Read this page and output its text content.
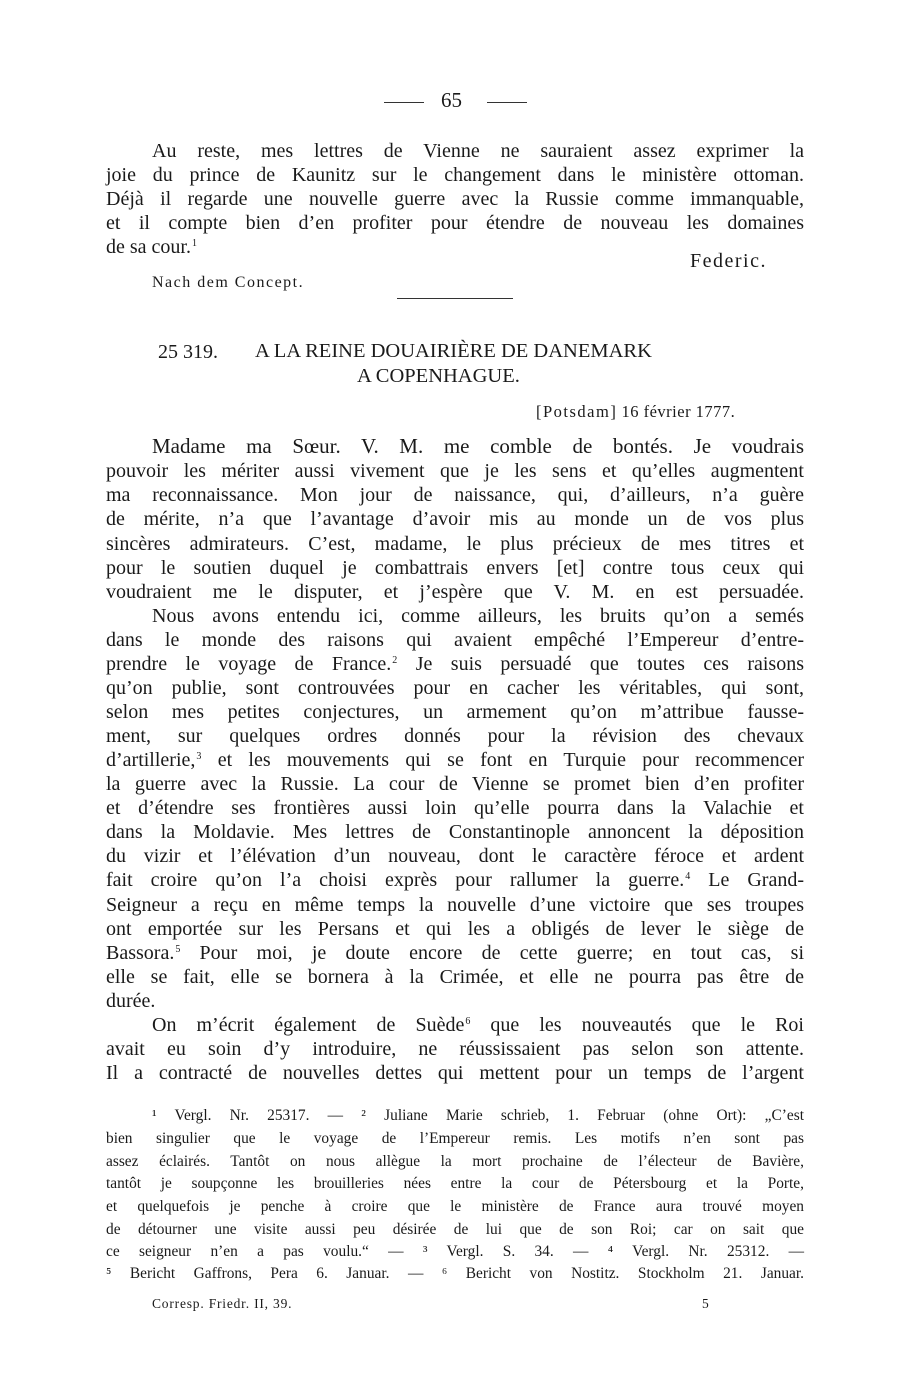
65
Au reste, mes lettres de Vienne ne sauraient assez exprimer la
joie du prince de Kaunitz sur le changement dans le ministère ottoman.
Déjà il regarde une nouvelle guerre avec la Russie comme immanquable,
et il compte bien d’en profiter pour étendre de nouveau les domaines
de sa cour.$^1$
Federic.
Nach dem Concept.
25 319. A LA REINE DOUAIRIÈRE DE DANEMARK
A COPENHAGUE.
[Potsdam] 16 février 1777.
Madame ma Sœur. V. M. me comble de bontés. Je voudrais
pouvoir les mériter aussi vivement que je les sens et qu’elles augmentent
ma reconnaissance. Mon jour de naissance, qui, d’ailleurs, n’a guère
de mérite, n’a que l’avantage d’avoir mis au monde un de vos plus
sincères admirateurs. C’est, madame, le plus précieux de mes titres et
pour le soutien duquel je combattrais envers [et] contre tous ceux qui
voudraient me le disputer, et j’espère que V. M. en est persuadée.
Nous avons entendu ici, comme ailleurs, les bruits qu’on a semés
dans le monde des raisons qui avaient empêché l’Empereur d’entre-
prendre le voyage de France.$^2$ Je suis persuadé que toutes ces raisons
qu’on publie, sont controuvées pour en cacher les véritables, qui sont,
selon mes petites conjectures, un armement qu’on m’attribue fausse-
ment, sur quelques ordres donnés pour la révision des chevaux
d’artillerie,$^3$ et les mouvements qui se font en Turquie pour recommencer
la guerre avec la Russie. La cour de Vienne se promet bien d’en profiter
et d’étendre ses frontières aussi loin qu’elle pourra dans la Valachie et
dans la Moldavie. Mes lettres de Constantinople annoncent la déposition
du vizir et l’élévation d’un nouveau, dont le caractère féroce et ardent
fait croire qu’on l’a choisi exprès pour rallumer la guerre.$^4$ Le Grand-
Seigneur a reçu en même temps la nouvelle d’une victoire que ses troupes
ont emportée sur les Persans et qui les a obligés de lever le siège de
Bassora.$^5$ Pour moi, je doute encore de cette guerre; en tout cas, si
elle se fait, elle se bornera à la Crimée, et elle ne pourra pas être de
durée.
On m’écrit également de Suède$^6$ que les nouveautés que le Roi
avait eu soin d’y introduire, ne réussissaient pas selon son attente.
Il a contracté de nouvelles dettes qui mettent pour un temps de l’argent
¹ Vergl. Nr. 25317. — ² Juliane Marie schrieb, 1. Februar (ohne Ort): „C’est
bien singulier que le voyage de l’Empereur remis. Les motifs n’en sont pas
assez éclairés. Tantôt on nous allègue la mort prochaine de l’électeur de Bavière,
tantôt je soupçonne les brouilleries nées entre la cour de Pétersbourg et la Porte,
et quelquefois je penche à croire que le ministère de France aura trouvé moyen
de détourner une visite aussi peu désirée de lui que de son Roi; car on sait que
ce seigneur n’en a pas voulu.“ — ³ Vergl. S. 34. — ⁴ Vergl. Nr. 25312. —
⁵ Bericht Gaffrons, Pera 6. Januar. — ⁶ Bericht von Nostitz. Stockholm 21. Januar.
Corresp. Friedr. II, 39.	5
